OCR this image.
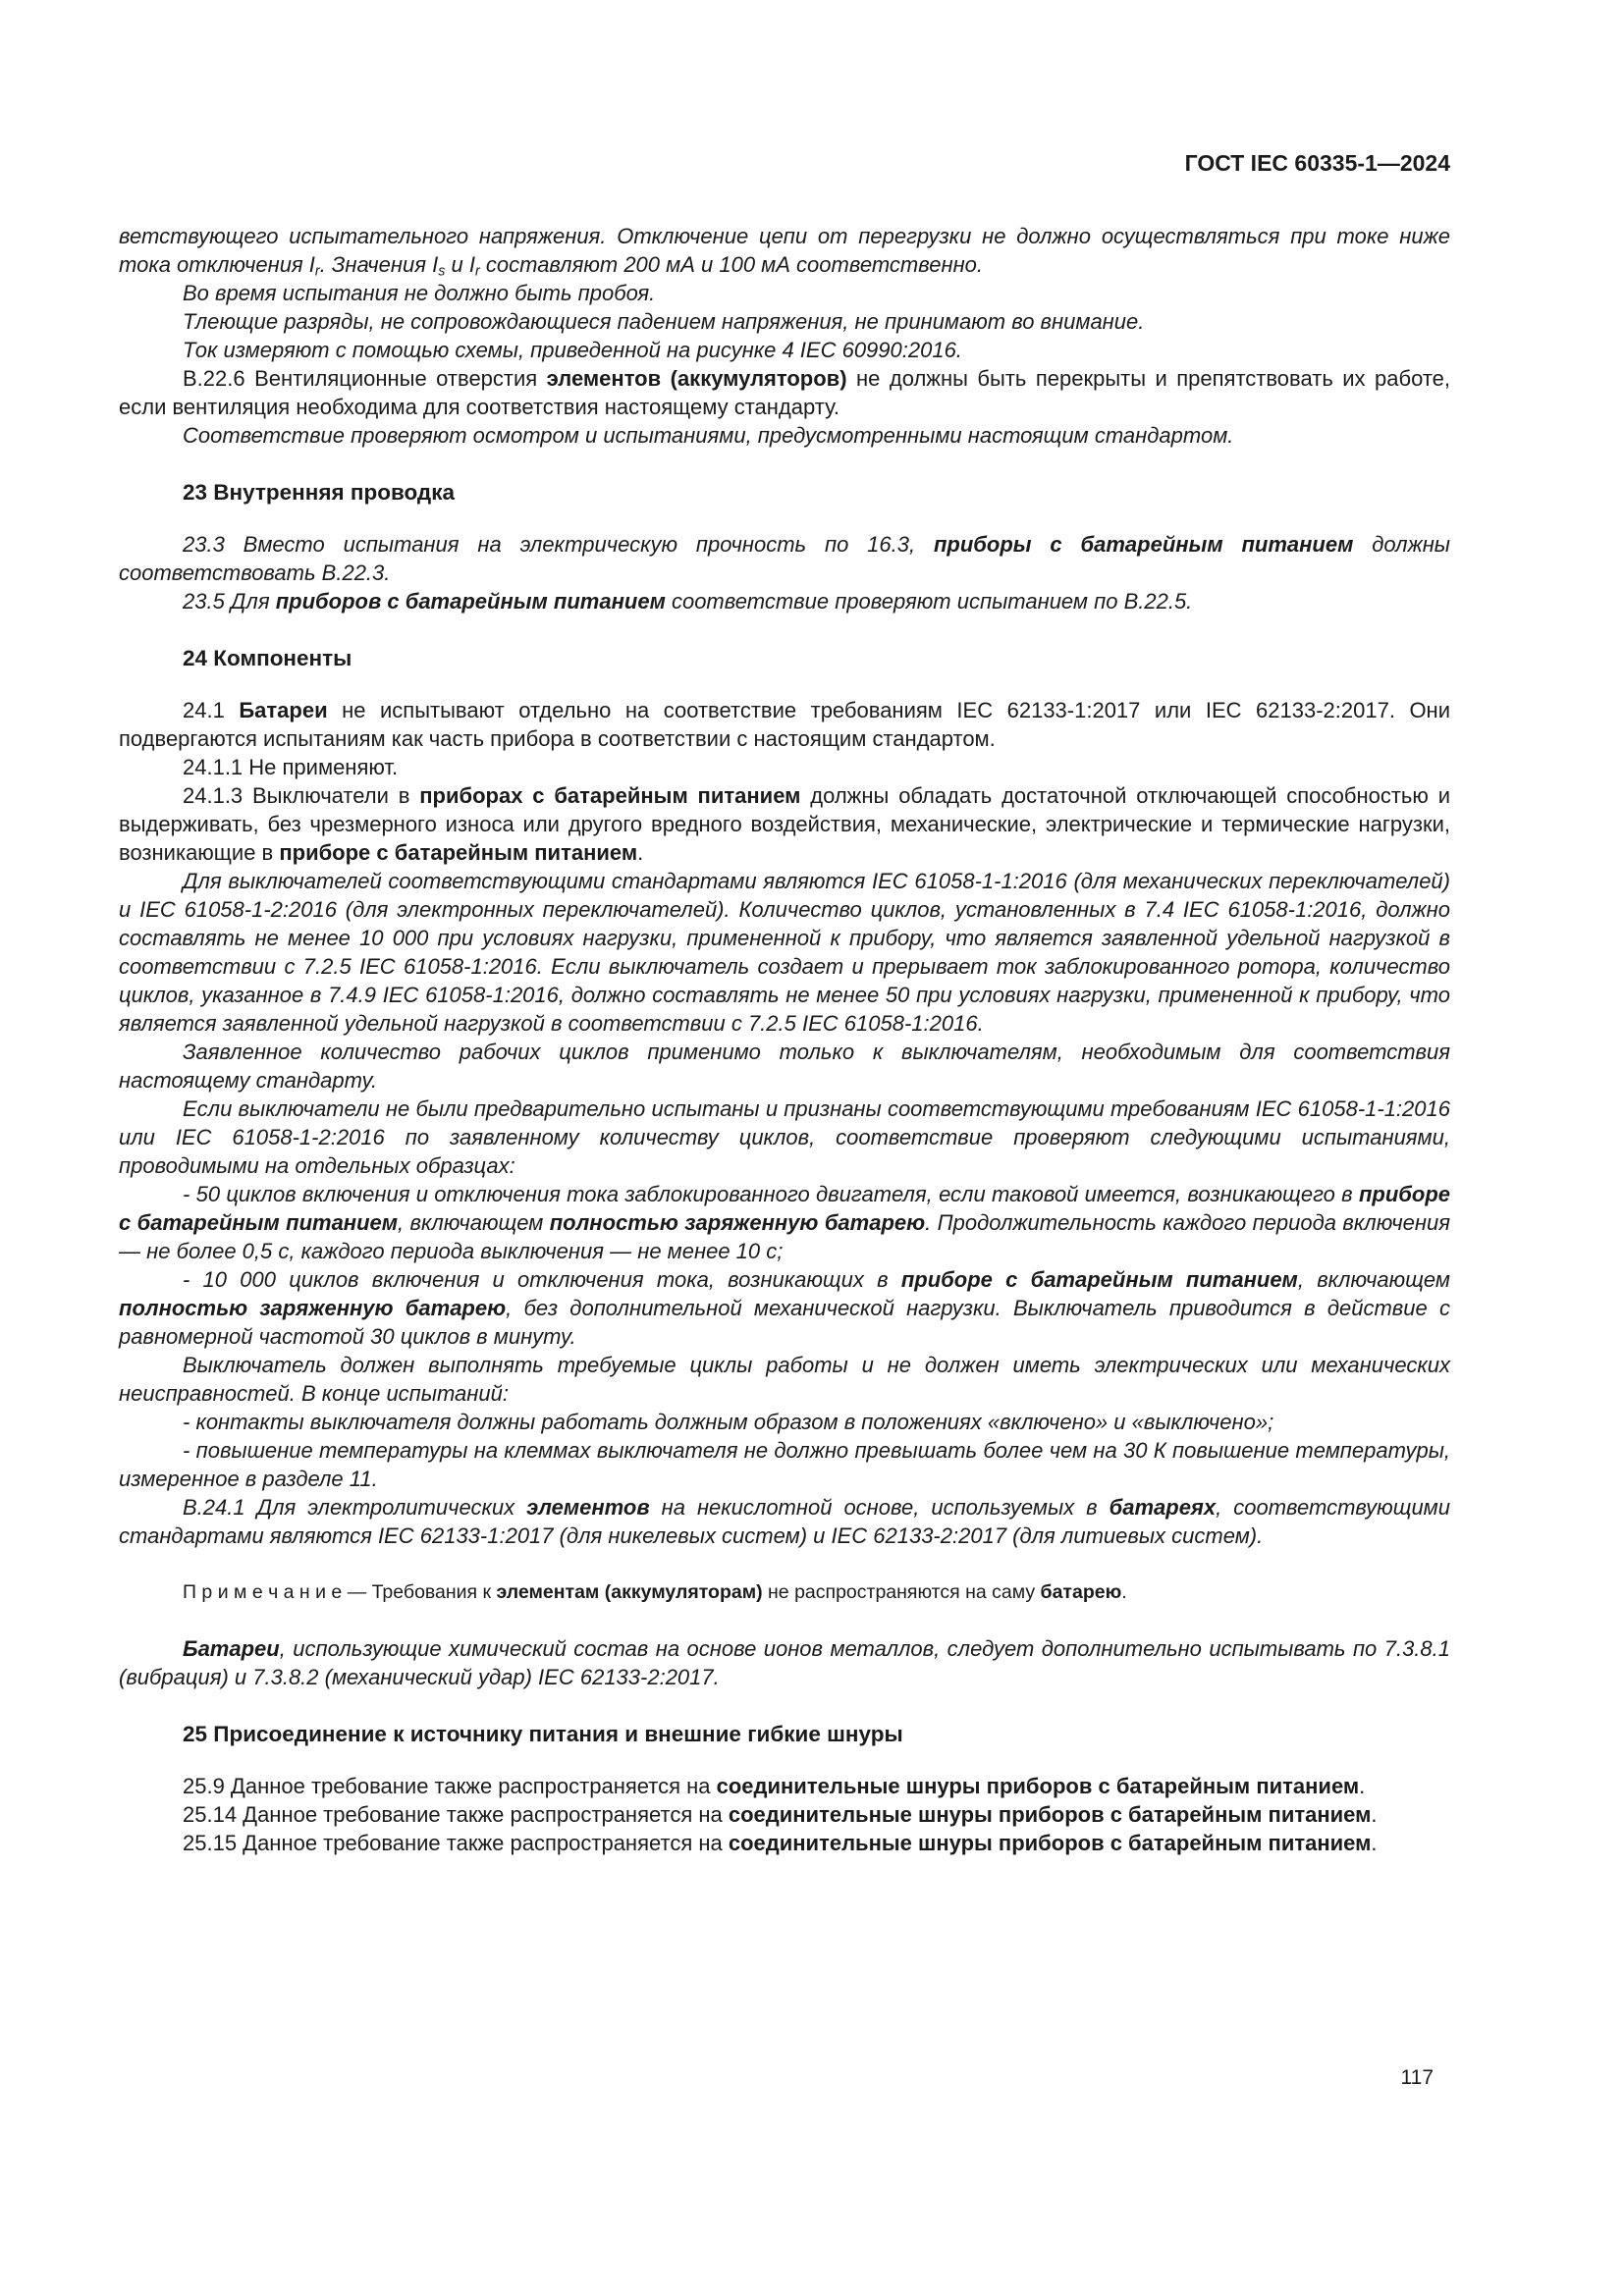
ГОСТ IEC 60335-1—2024

ветствующего испытательного напряжения. Отключение цепи от перегрузки не должно осуществляться при токе ниже тока отключения $I_r$. Значения $I_s$ и $I_r$ составляют 200 мА и 100 мА соответственно.

Во время испытания не должно быть пробоя.

Тлеющие разряды, не сопровождающиеся падением напряжения, не принимают во внимание.

Ток измеряют с помощью схемы, приведенной на рисунке 4 IEC 60990:2016.

В.22.6 Вентиляционные отверстия элементов (аккумуляторов) не должны быть перекрыты и препятствовать их работе, если вентиляция необходима для соответствия настоящему стандарту.

Соответствие проверяют осмотром и испытаниями, предусмотренными настоящим стандартом.

23 Внутренняя проводка

23.3 Вместо испытания на электрическую прочность по 16.3, приборы с батарейным питанием должны соответствовать В.22.3.

23.5 Для приборов с батарейным питанием соответствие проверяют испытанием по В.22.5.

24 Компоненты

24.1 Батареи не испытывают отдельно на соответствие требованиям IEC 62133-1:2017 или IEC 62133-2:2017. Они подвергаются испытаниям как часть прибора в соответствии с настоящим стандартом.

24.1.1 Не применяют.

24.1.3 Выключатели в приборах с батарейным питанием должны обладать достаточной отключающей способностью и выдерживать, без чрезмерного износа или другого вредного воздействия, механические, электрические и термические нагрузки, возникающие в приборе с батарейным питанием.

Для выключателей соответствующими стандартами являются IEC 61058-1-1:2016 (для механических переключателей) и IEC 61058-1-2:2016 (для электронных переключателей). Количество циклов, установленных в 7.4 IEC 61058-1:2016, должно составлять не менее 10 000 при условиях нагрузки, примененной к прибору, что является заявленной удельной нагрузкой в соответствии с 7.2.5 IEC 61058-1:2016. Если выключатель создает и прерывает ток заблокированного ротора, количество циклов, указанное в 7.4.9 IEC 61058-1:2016, должно составлять не менее 50 при условиях нагрузки, примененной к прибору, что является заявленной удельной нагрузкой в соответствии с 7.2.5 IEC 61058-1:2016.

Заявленное количество рабочих циклов применимо только к выключателям, необходимым для соответствия настоящему стандарту.

Если выключатели не были предварительно испытаны и признаны соответствующими требованиям IEC 61058-1-1:2016 или IEC 61058-1-2:2016 по заявленному количеству циклов, соответствие проверяют следующими испытаниями, проводимыми на отдельных образцах:

- 50 циклов включения и отключения тока заблокированного двигателя, если таковой имеется, возникающего в приборе с батарейным питанием, включающем полностью заряженную батарею. Продолжительность каждого периода включения — не более 0,5 с, каждого периода выключения — не менее 10 с;

- 10 000 циклов включения и отключения тока, возникающих в приборе с батарейным питанием, включающем полностью заряженную батарею, без дополнительной механической нагрузки. Выключатель приводится в действие с равномерной частотой 30 циклов в минуту.

Выключатель должен выполнять требуемые циклы работы и не должен иметь электрических или механических неисправностей. В конце испытаний:

- контакты выключателя должны работать должным образом в положениях «включено» и «выключено»;

- повышение температуры на клеммах выключателя не должно превышать более чем на 30 К повышение температуры, измеренное в разделе 11.

В.24.1 Для электролитических элементов на некислотной основе, используемых в батареях, соответствующими стандартами являются IEC 62133-1:2017 (для никелевых систем) и IEC 62133-2:2017 (для литиевых систем).

П р и м е ч а н и е — Требования к элементам (аккумуляторам) не распространяются на саму батарею.

Батареи, использующие химический состав на основе ионов металлов, следует дополнительно испытывать по 7.3.8.1 (вибрация) и 7.3.8.2 (механический удар) IEC 62133-2:2017.

25 Присоединение к источнику питания и внешние гибкие шнуры

25.9 Данное требование также распространяется на соединительные шнуры приборов с батарейным питанием.

25.14 Данное требование также распространяется на соединительные шнуры приборов с батарейным питанием.

25.15 Данное требование также распространяется на соединительные шнуры приборов с батарейным питанием.

117
